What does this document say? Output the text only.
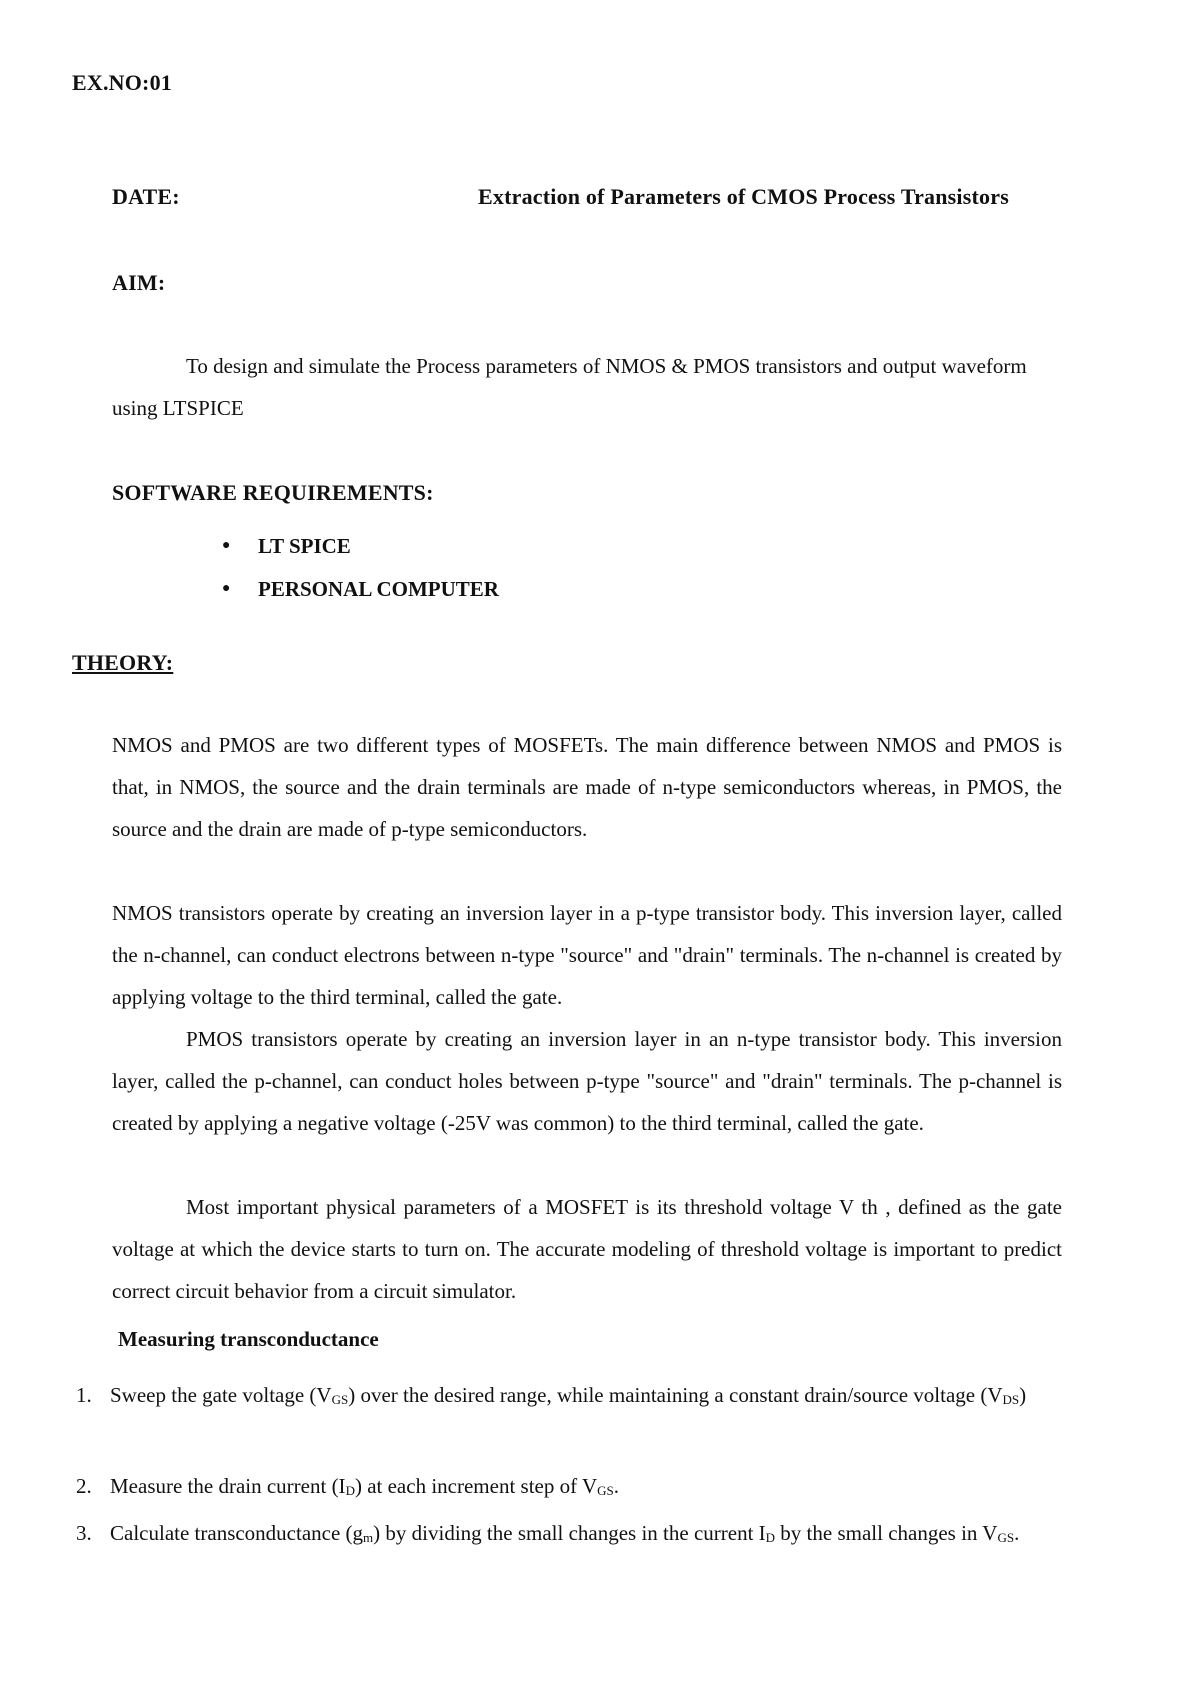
EX.NO:01
DATE:	Extraction of Parameters of CMOS Process Transistors
AIM:
To design and simulate the Process parameters of NMOS & PMOS transistors and output waveform using LTSPICE
SOFTWARE REQUIREMENTS:
● LT SPICE
● PERSONAL COMPUTER
THEORY:
NMOS and PMOS are two different types of MOSFETs. The main difference between NMOS and PMOS is that, in NMOS, the source and the drain terminals are made of n-type semiconductors whereas, in PMOS, the source and the drain are made of p-type semiconductors.
NMOS transistors operate by creating an inversion layer in a p-type transistor body. This inversion layer, called the n-channel, can conduct electrons between n-type "source" and "drain" terminals. The n-channel is created by applying voltage to the third terminal, called the gate.
PMOS transistors operate by creating an inversion layer in an n-type transistor body. This inversion layer, called the p-channel, can conduct holes between p-type "source" and "drain" terminals. The p-channel is created by applying a negative voltage (-25V was common) to the third terminal, called the gate.
Most important physical parameters of a MOSFET is its threshold voltage V th , defined as the gate voltage at which the device starts to turn on. The accurate modeling of threshold voltage is important to predict correct circuit behavior from a circuit simulator.
Measuring transconductance
1. Sweep the gate voltage $(V_{GS})$ over the desired range, while maintaining a constant drain/source voltage $(V_{DS})$
2. Measure the drain current $(I_D)$ at each increment step of $V_{GS}$.
3. Calculate transconductance $(g_m)$ by dividing the small changes in the current $I_D$ by the small changes in $V_{GS}$.
